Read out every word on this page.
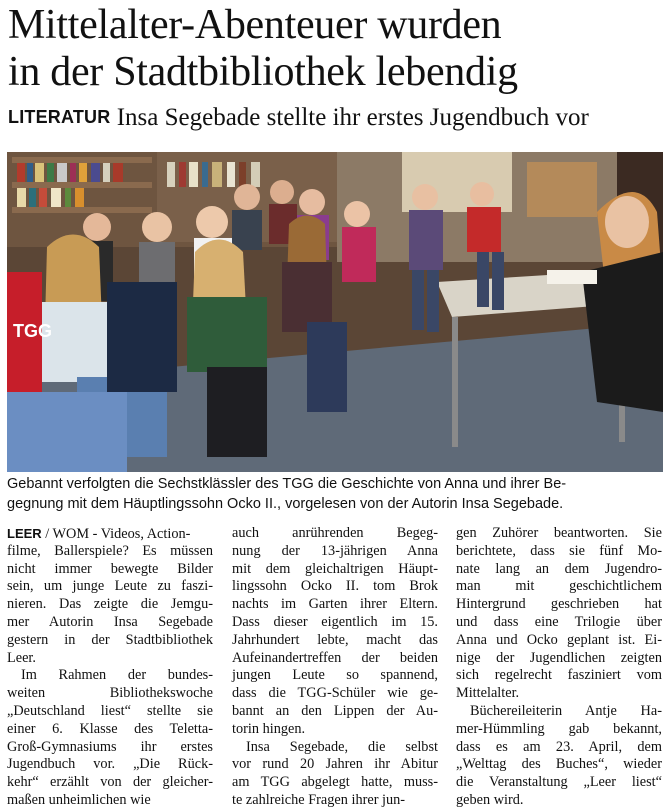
Mittelalter-Abenteuer wurden
in der Stadtbibliothek lebendig
LITERATUR Insa Segebade stellte ihr erstes Jugendbuch vor
TGG
Gebannt verfolgten die Sechstklässler des TGG die Geschichte von Anna und ihrer Be-
gegnung mit dem Häuptlingssohn Ocko II., vorgelesen von der Autorin Insa Segebade.
LEER / WOM - Videos, Action-
filme, Ballerspiele? Es müssen
nicht immer bewegte Bilder
sein, um junge Leute zu faszi-
nieren. Das zeigte die Jemgu-
mer Autorin Insa Segebade
gestern in der Stadtbibliothek
Leer.
Im Rahmen der bundes-
weiten Bibliothekswoche
„Deutschland liest“ stellte sie
einer 6. Klasse des Teletta-
Groß-Gymnasiums ihr erstes
Jugendbuch vor. „Die Rück-
kehr“ erzählt von der gleicher-
maßen unheimlichen wie
auch anrührenden Begeg-
nung der 13-jährigen Anna
mit dem gleichaltrigen Häupt-
lingssohn Ocko II. tom Brok
nachts im Garten ihrer Eltern.
Dass dieser eigentlich im 15.
Jahrhundert lebte, macht das
Aufeinandertreffen der beiden
jungen Leute so spannend,
dass die TGG-Schüler wie ge-
bannt an den Lippen der Au-
torin hingen.
Insa Segebade, die selbst
vor rund 20 Jahren ihr Abitur
am TGG abgelegt hatte, muss-
te zahlreiche Fragen ihrer jun-
gen Zuhörer beantworten. Sie
berichtete, dass sie fünf Mo-
nate lang an dem Jugendro-
man mit geschichtlichem
Hintergrund geschrieben hat
und dass eine Trilogie über
Anna und Ocko geplant ist. Ei-
nige der Jugendlichen zeigten
sich regelrecht fasziniert vom
Mittelalter.
Büchereileiterin Antje Ha-
mer-Hümmling gab bekannt,
dass es am 23. April, dem
„Welttag des Buches“, wieder
die Veranstaltung „Leer liest“
geben wird.
